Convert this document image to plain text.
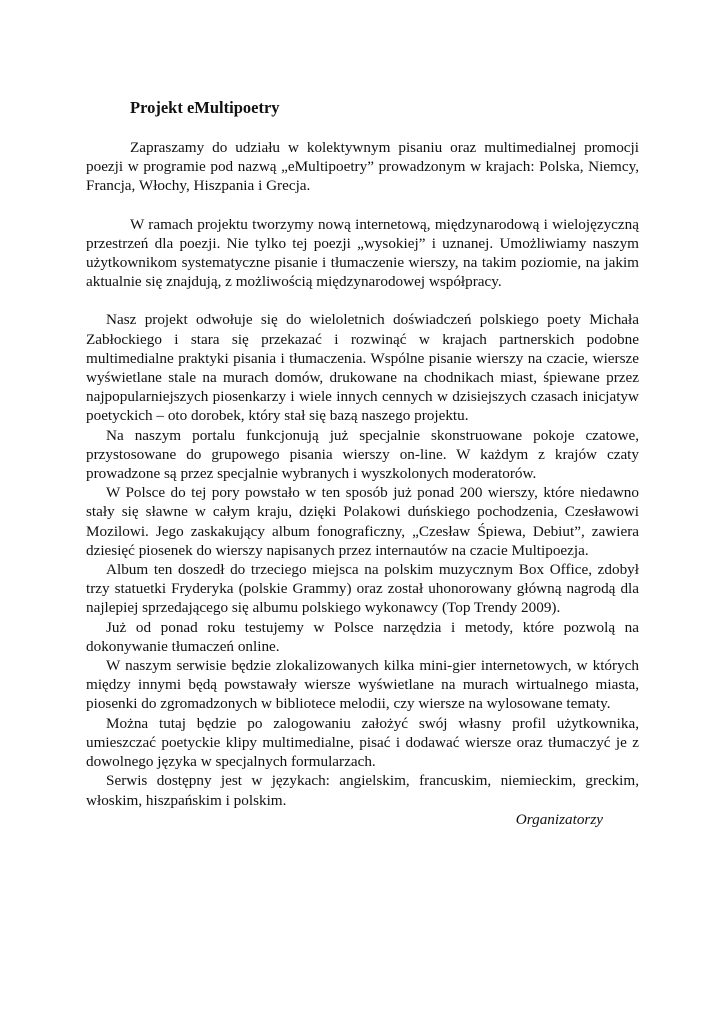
Projekt eMultipoetry

Zapraszamy do udziału w kolektywnym pisaniu oraz multimedialnej promocji poezji w programie pod nazwą „eMultipoetry” prowadzonym w krajach: Polska, Niemcy, Francja, Włochy, Hiszpania i Grecja.

W ramach projektu tworzymy nową internetową, międzynarodową i wielojęzyczną przestrzeń dla poezji. Nie tylko tej poezji „wysokiej” i uznanej. Umożliwiamy naszym użytkownikom systematyczne pisanie i tłumaczenie wierszy, na takim poziomie, na jakim aktualnie się znajdują, z możliwością międzynarodowej współpracy.

Nasz projekt odwołuje się do wieloletnich doświadczeń polskiego poety Michała Zabłockiego i stara się przekazać i rozwinąć w krajach partnerskich podobne multimedialne praktyki pisania i tłumaczenia. Wspólne pisanie wierszy na czacie, wiersze wyświetlane stale na murach domów, drukowane na chodnikach miast, śpiewane przez najpopularniejszych piosenkarzy i wiele innych cennych w dzisiejszych czasach inicjatyw poetyckich – oto dorobek, który stał się bazą naszego projektu.

Na naszym portalu funkcjonują już specjalnie skonstruowane pokoje czatowe, przystosowane do grupowego pisania wierszy on-line. W każdym z krajów czaty prowadzone są przez specjalnie wybranych i wyszkolonych moderatorów.

W Polsce do tej pory powstało w ten sposób już ponad 200 wierszy, które niedawno stały się sławne w całym kraju, dzięki Polakowi duńskiego pochodzenia, Czesławowi Mozilowi. Jego zaskakujący album fonograficzny, „Czesław Śpiewa, Debiut”, zawiera dziesięć piosenek do wierszy napisanych przez internautów na czacie Multipoezja.

Album ten doszedł do trzeciego miejsca na polskim muzycznym Box Office, zdobył trzy statuetki Fryderyka (polskie Grammy) oraz został uhonorowany główną nagrodą dla najlepiej sprzedającego się albumu polskiego wykonawcy (Top Trendy 2009).

Już od ponad roku testujemy w Polsce narzędzia i metody, które pozwolą na dokonywanie tłumaczeń online.

W naszym serwisie będzie zlokalizowanych kilka mini-gier internetowych, w których między innymi będą powstawały wiersze wyświetlane na murach wirtualnego miasta, piosenki do zgromadzonych w bibliotece melodii, czy wiersze na wylosowane tematy.

Można tutaj będzie po zalogowaniu założyć swój własny profil użytkownika, umieszczać poetyckie klipy multimedialne, pisać i dodawać wiersze oraz tłumaczyć je z dowolnego języka w specjalnych formularzach.

Serwis dostępny jest w językach: angielskim, francuskim, niemieckim, greckim, włoskim, hiszpańskim i polskim.

Organizatorzy
